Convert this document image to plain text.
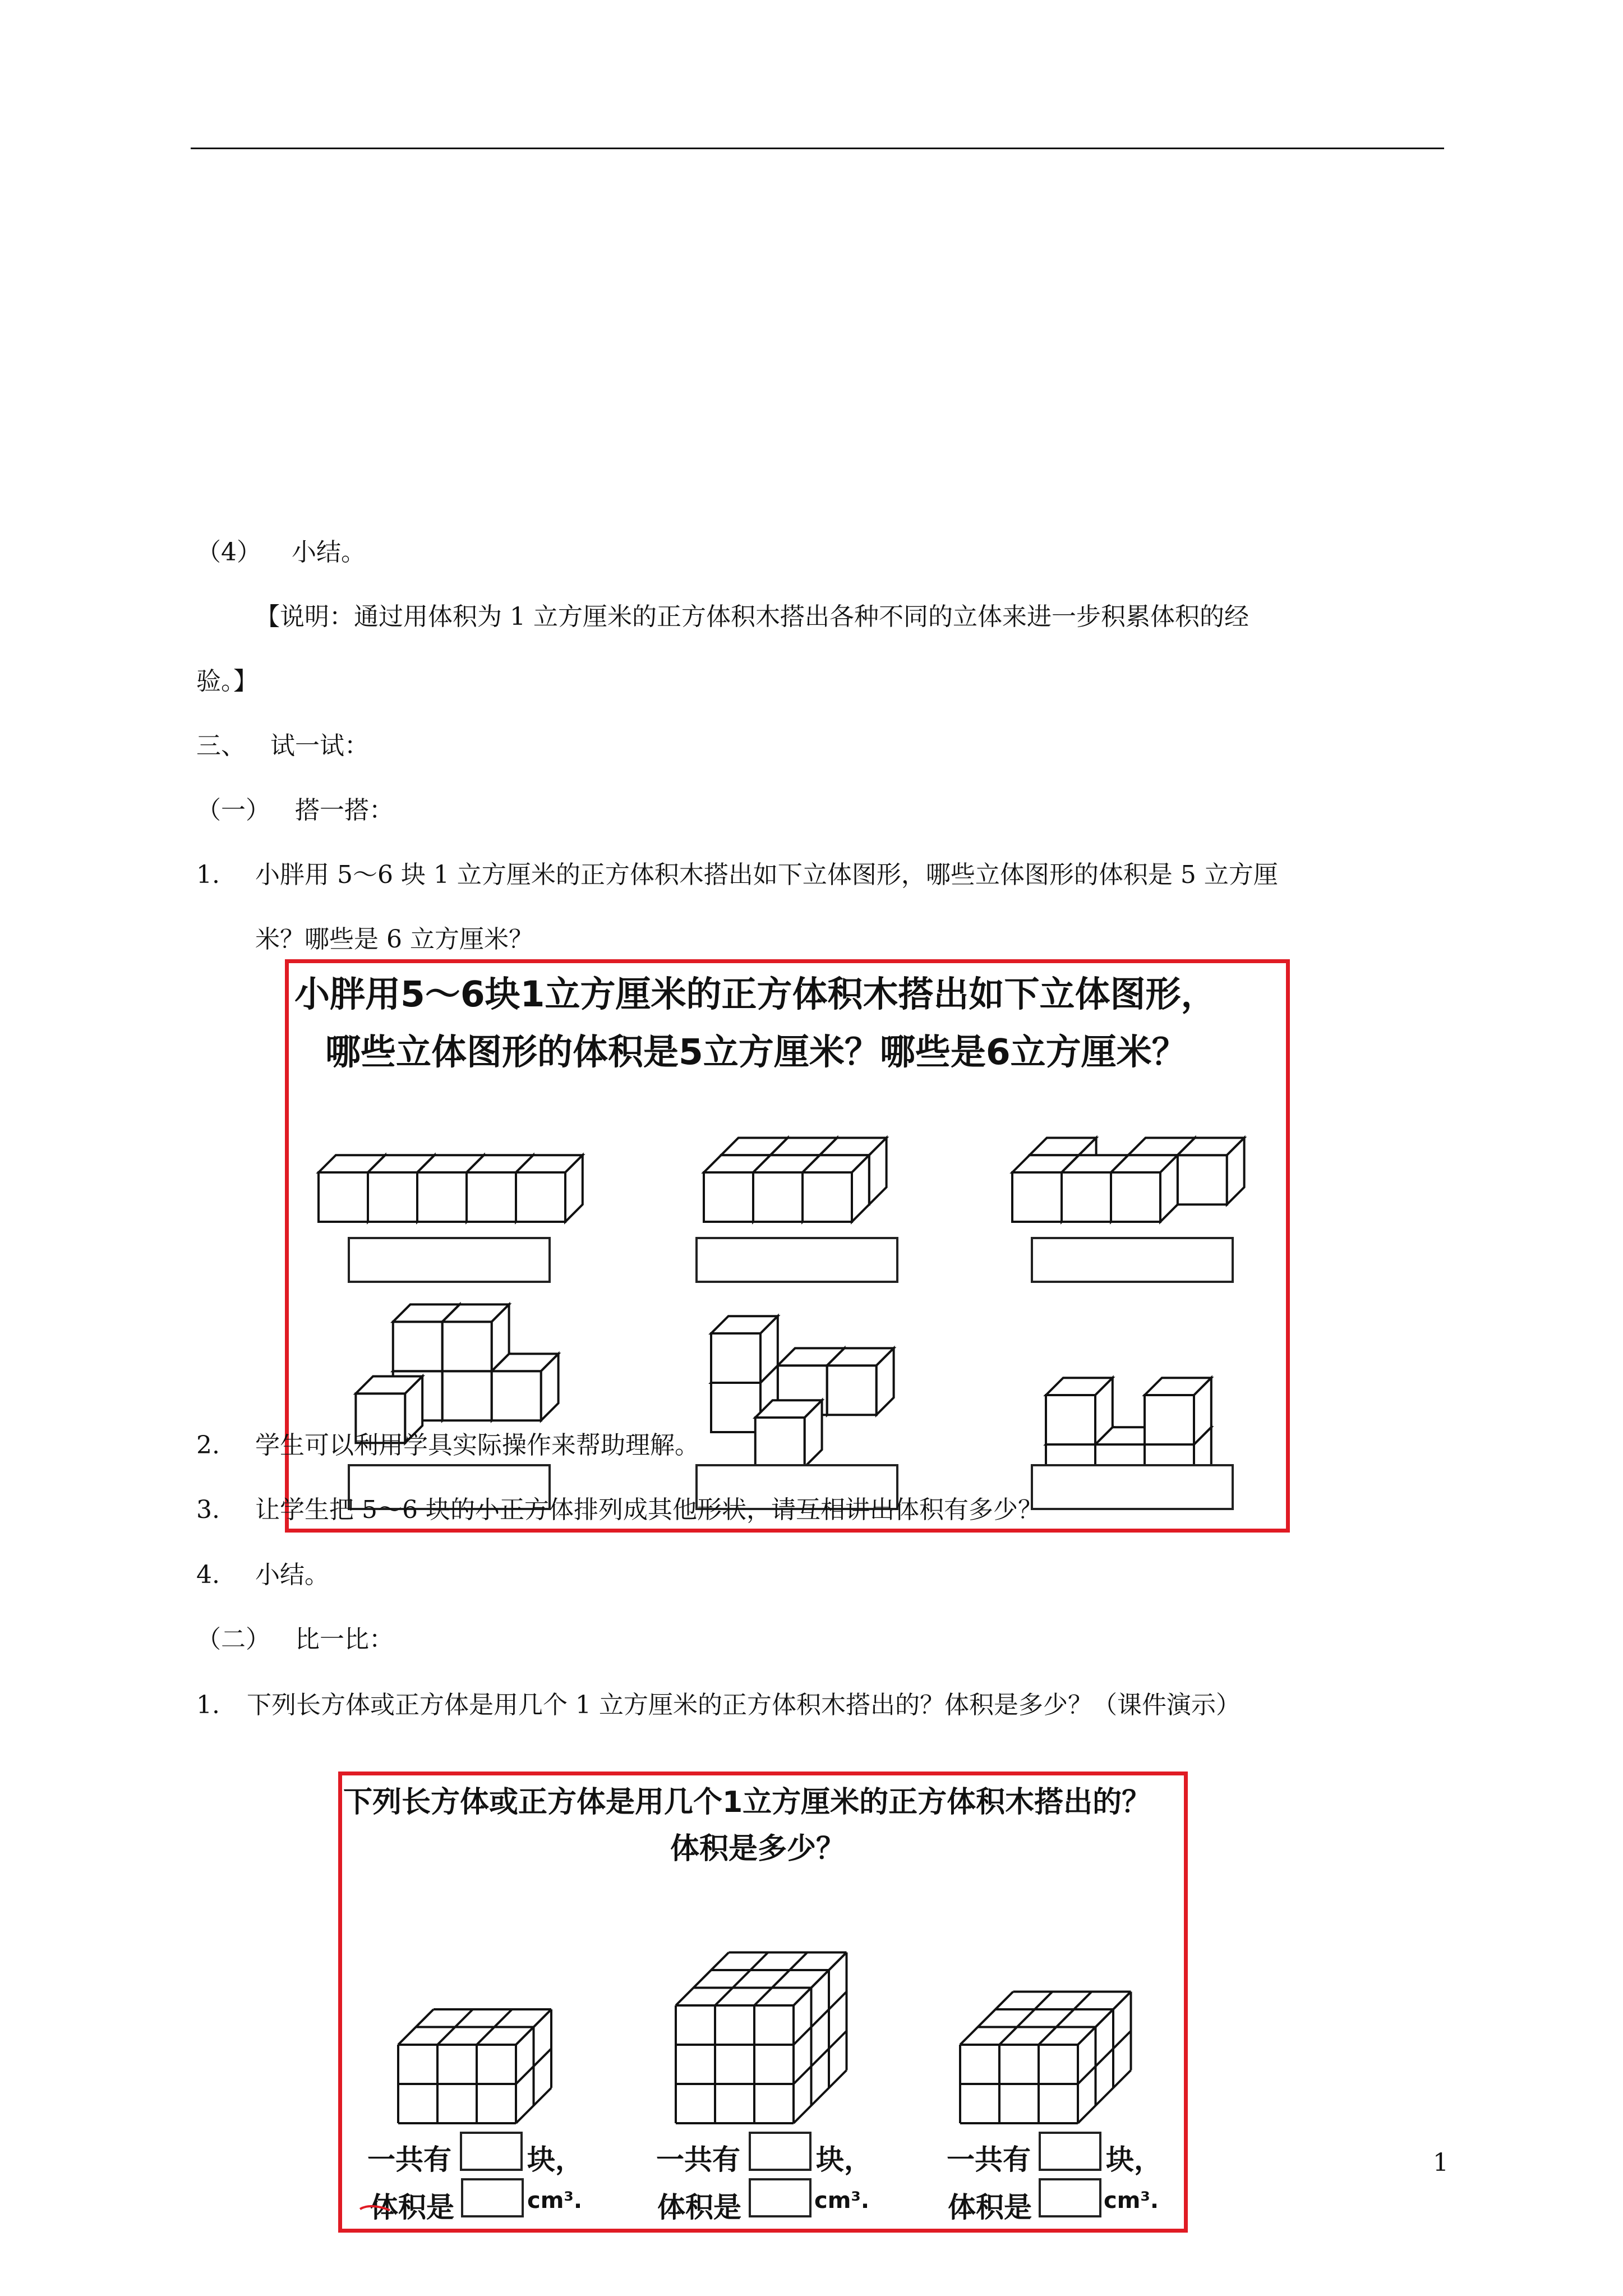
（4） 小结。
【说明：通过用体积为 1 立方厘米的正方体积木搭出各种不同的立体来进一步积累体积的经
验。】
三、 试一试：
（一） 搭一搭：
1. 小胖用 5～6 块 1 立方厘米的正方体积木搭出如下立体图形，哪些立体图形的体积是 5 立方厘
米？哪些是 6 立方厘米？
小胖用5～6块1立方厘米的正方体积木搭出如下立体图形，
哪些立体图形的体积是5立方厘米？哪些是6立方厘米？
2. 学生可以利用学具实际操作来帮助理解。
3. 让学生把 5～6 块的小正方体排列成其他形状，请互相讲出体积有多少？
4. 小结。
（二） 比一比：
1. 下列长方体或正方体是用几个 1 立方厘米的正方体积木搭出的？体积是多少？（课件演示）
下列长方体或正方体是用几个1立方厘米的正方体积木搭出的？
体积是多少？
一共有	块，
体积是	cm³.
一共有	块，
体积是	cm³.
一共有	块，
体积是	cm³.
1
